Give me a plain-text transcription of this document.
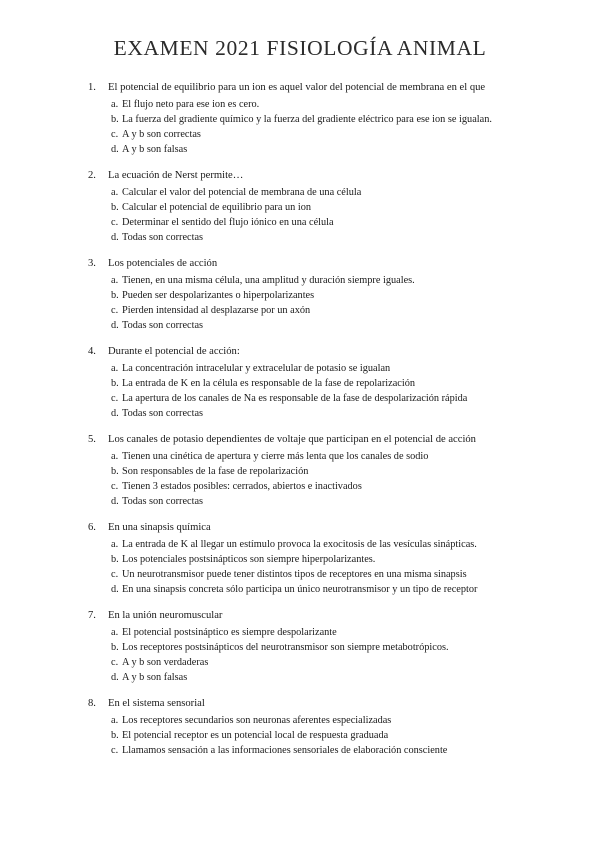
EXAMEN 2021 FISIOLOGÍA ANIMAL
1. El potencial de equilibrio para un ion es aquel valor del potencial de membrana en el que
a. El flujo neto para ese ion es cero.
b. La fuerza del gradiente químico y la fuerza del gradiente eléctrico para ese ion se igualan.
c. A y b son correctas
d. A y b son falsas
2. La ecuación de Nerst permite…
a. Calcular el valor del potencial de membrana de una célula
b. Calcular el potencial de equilibrio para un ion
c. Determinar el sentido del flujo iónico en una célula
d. Todas son correctas
3. Los potenciales de acción
a. Tienen, en una misma célula, una amplitud y duración siempre iguales.
b. Pueden ser despolarizantes o hiperpolarizantes
c. Pierden intensidad al desplazarse por un axón
d. Todas son correctas
4. Durante el potencial de acción:
a. La concentración intracelular y extracelular de potasio se igualan
b. La entrada de K en la célula es responsable de la fase de repolarización
c. La apertura de los canales de Na es responsable de la fase de despolarización rápida
d. Todas son correctas
5. Los canales de potasio dependientes de voltaje que participan en el potencial de acción
a. Tienen una cinética de apertura y cierre más lenta que los canales de sodio
b. Son responsables de la fase de repolarización
c. Tienen 3 estados posibles: cerrados, abiertos e inactivados
d. Todas son correctas
6. En una sinapsis química
a. La entrada de K al llegar un estímulo provoca la exocitosis de las vesículas sinápticas.
b. Los potenciales postsinápticos son siempre hiperpolarizantes.
c. Un neurotransmisor puede tener distintos tipos de receptores en una misma sinapsis
d. En una sinapsis concreta sólo participa un único neurotransmisor y un tipo de receptor
7. En la unión neuromuscular
a. El potencial postsináptico es siempre despolarizante
b. Los receptores postsinápticos del neurotransmisor son siempre metabotrópicos.
c. A y b son verdaderas
d. A y b son falsas
8. En el sistema sensorial
a. Los receptores secundarios son neuronas aferentes especializadas
b. El potencial receptor es un potencial local de respuesta graduada
c. Llamamos sensación a las informaciones sensoriales de elaboración consciente
